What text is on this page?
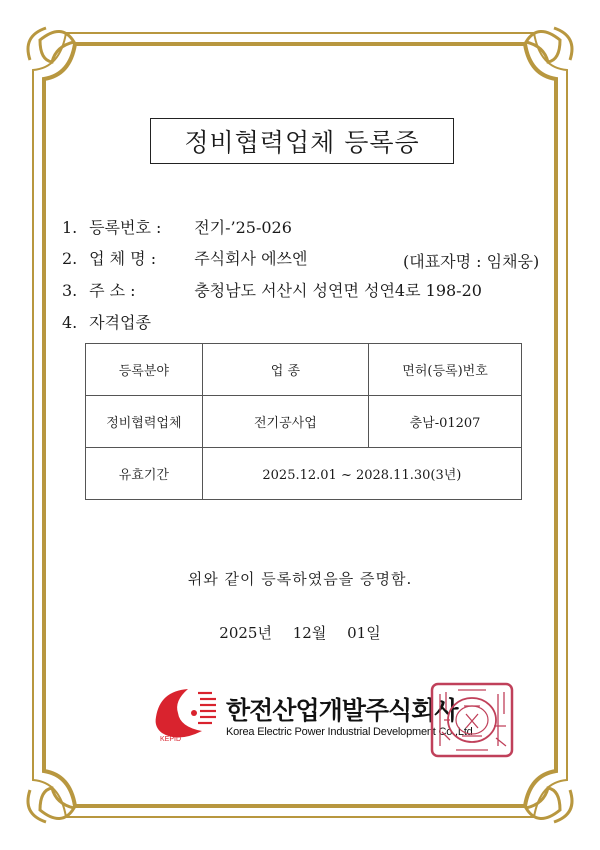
정비협력업체 등록증
1. 등록번호 : 전기-’25-026
2. 업 체 명 : 주식회사 에쓰엔	(대표자명 : 임채웅)
3. 주 소 :	충청남도 서산시 성연면 성연4로 198-20
4. 자격업종
등록분야	업 종	면허(등록)번호
정비협력업체	전기공사업	충남-01207
유효기간	2025.12.01 ~ 2028.11.30(3년)	
위와 같이 등록하였음을 증명함.
2025년 12월 01일
KEPID
한전산업개발주식회사
Korea Electric Power Industrial Development Co.,Ltd
